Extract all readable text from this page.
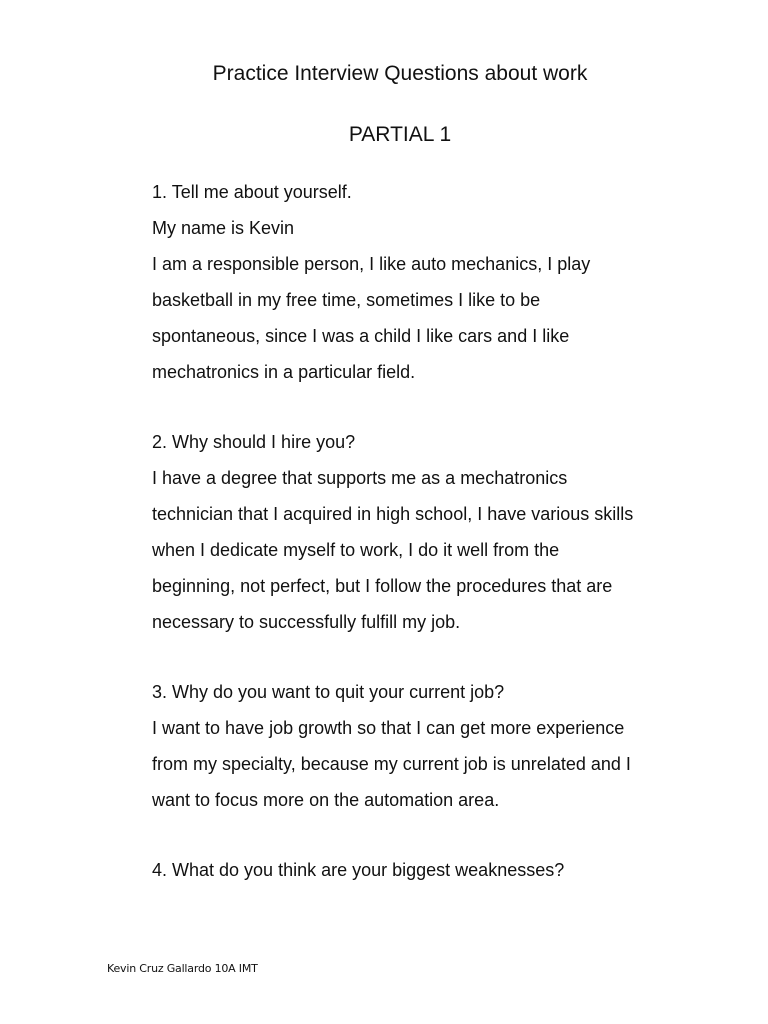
Practice Interview Questions about work
PARTIAL 1
1. Tell me about yourself.
My name is Kevin
I am a responsible person, I like auto mechanics, I play
basketball in my free time, sometimes I like to be
spontaneous, since I was a child I like cars and I like
mechatronics in a particular field.
2. Why should I hire you?
I have a degree that supports me as a mechatronics
technician that I acquired in high school, I have various skills
when I dedicate myself to work, I do it well from the
beginning, not perfect, but I follow the procedures that are
necessary to successfully fulfill my job.
3. Why do you want to quit your current job?
I want to have job growth so that I can get more experience
from my specialty, because my current job is unrelated and I
want to focus more on the automation area.
4. What do you think are your biggest weaknesses?
Kevin Cruz Gallardo 10A IMT
